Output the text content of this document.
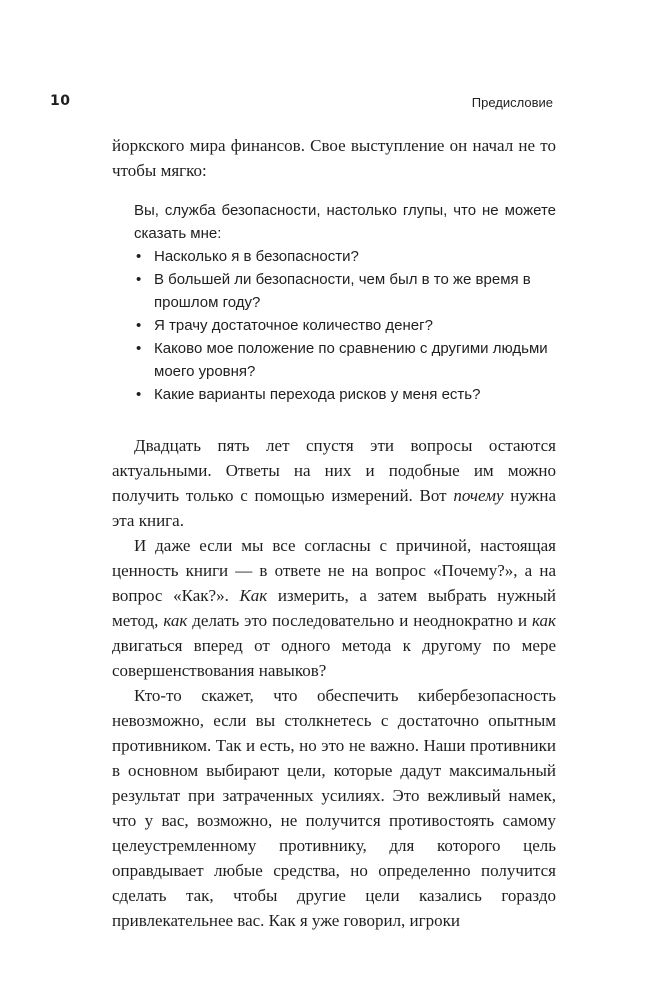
10	Предисловие

йоркского мира финансов. Свое выступление он начал не то чтобы мягко:

Вы, служба безопасности, настолько глупы, что не можете сказать мне:

• Насколько я в безопасности?
• В большей ли безопасности, чем был в то же время в прошлом году?
• Я трачу достаточное количество денег?
• Каково мое положение по сравнению с другими людьми моего уровня?
• Какие варианты перехода рисков у меня есть?

Двадцать пять лет спустя эти вопросы остаются актуальными. Ответы на них и подобные им можно получить только с помощью измерений. Вот почему нужна эта книга.

И даже если мы все согласны с причиной, настоящая ценность книги — в ответе не на вопрос «Почему?», а на вопрос «Как?». Как измерить, а затем выбрать нужный метод, как делать это последовательно и неоднократно и как двигаться вперед от одного метода к другому по мере совершенствования навыков?

Кто-то скажет, что обеспечить кибербезопасность невозможно, если вы столкнетесь с достаточно опытным противником. Так и есть, но это не важно. Наши противники в основном выбирают цели, которые дадут максимальный результат при затраченных усилиях. Это вежливый намек, что у вас, возможно, не получится противостоять самому целеустремленному противнику, для которого цель оправдывает любые средства, но определенно получится сделать так, чтобы другие цели казались гораздо привлекательнее вас. Как я уже говорил, игроки
